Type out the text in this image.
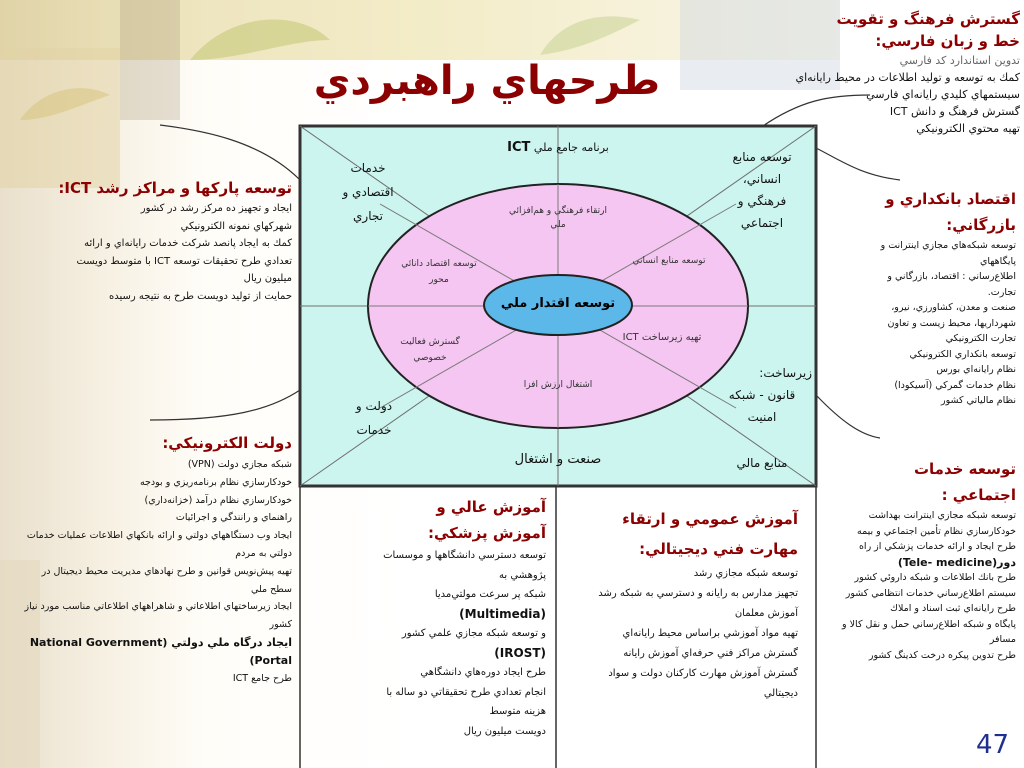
طرحهاي راهبردي
گسترش فرهنگ و تقويت
خط و زبان فارسي:
تدوين استاندارد كد فارسي
كمك به توسعه و توليد اطلاعات در محيط رايانه‌اي
سيستمهاي كليدي رايانه‌اي فارسي
گسترش فرهنگ و دانش ICT
تهيه محتوي الكترونيكي
اقتصاد بانكداري و
بازرگاني:
توسعه شبكه‌هاي مجازي اينترانت و
پايگاههاي
اطلاع‌رساني : اقتصاد، بازرگاني و
تجارت.
صنعت و معدن، كشاورزي، نيرو،
شهرداريها، محيط زيست و تعاون
تجارت الكترونيكي
توسعه بانكداري الكترونيكي
نظام رايانه‌اي بورس
نظام خدمات گمركي (آسيكودا)
نظام مالياتي كشور
توسعه خدمات
اجتماعي :
توسعه شبكه مجازي اينترانت بهداشت
خودكارسازي نظام تأمين اجتماعي و بيمه
طرح ايجاد و ارائه خدمات پزشكي از راه
دور(Tele- medicine)
طرح بانك اطلاعات و شبكه داروئي كشور
سيستم اطلاع‌رساني خدمات انتظامي كشور
طرح رايانه‌اي ثبت اسناد و املاك
پايگاه و شبكه اطلاع‌رساني حمل و نقل كالا و
مسافر
طرح تدوين پيكره درخت كدينگ كشور
توسعه پاركها و مراكز رشد ICT:
ايجاد و تجهيز ده مركز رشد در كشور
شهركهاي نمونه الكترونيكي
كمك به ايجاد پانصد شركت خدمات رايانه‌اي و ارائه
تعدادي طرح تحقيقات توسعه ICT با متوسط دويست
ميليون ريال
حمايت از توليد دويست طرح به نتيجه رسيده
دولت الكترونيكي:
شبكه مجازي دولت (VPN)
خودكارسازي نظام برنامه‌ريزي و بودجه
خودكارسازي نظام درآمد (خزانه‌داري)
راهنماي و رانندگي و اجرائيات
ايجاد وب دستگاههاي دولتي و ارائه بانكهاي اطلاعات عمليات خدمات
دولتي به مردم
تهيه پيش‌نويس قوانين و طرح نهادهاي مديريت محيط ديجيتال در
سطح ملي
ايجاد زيرساختهاي اطلاعاتي و شاهراههاي اطلاعاتي مناسب مورد نياز
كشور
ايجاد درگاه ملي دولتي (National Government
Portal)
طرح جامع ICT
آموزش عالي و
آموزش پزشكي:
توسعه دسترسي دانشگاهها و موسسات
پژوهشي به
شبكه پر سرعت مولتي‌مديا
(Multimedia)
و توسعه شبكه مجازي علمي كشور
(IROST)
طرح ايجاد دوره‌هاي دانشگاهي
انجام تعدادي طرح تحقيقاتي دو ساله با
هزينه متوسط
دويست ميليون ريال
آموزش عمومي و ارتقاء
مهارت فني ديجيتالي:
توسعه شبكه مجازي رشد
تجهيز مدارس به رايانه و دسترسي به شبكه رشد
آموزش معلمان
تهيه مواد آموزشي براساس محيط رايانه‌اي
گسترش مراكز فني حرفه‌اي آموزش رايانه
گسترش آموزش مهارت كاركنان دولت و سواد
ديجيتالي
برنامه جامع ملي ICT
خدمات
اقتصادي و
تجاري
توسعه منابع
انساني،
فرهنگي و
اجتماعي
دولت و
خدمات
صنعت و اشتغال
زيرساخت:
قانون - شبكه
امنيت
منابع مالي
ارتقاء فرهنگي و هم‌افزائي
ملي
توسعه اقتصاد دانائي
محور
توسعه منابع انساني
گسترش فعاليت
خصوصي
تهيه زيرساخت ICT
اشتغال ارزش افزا
توسعه اقتدار ملي
47
